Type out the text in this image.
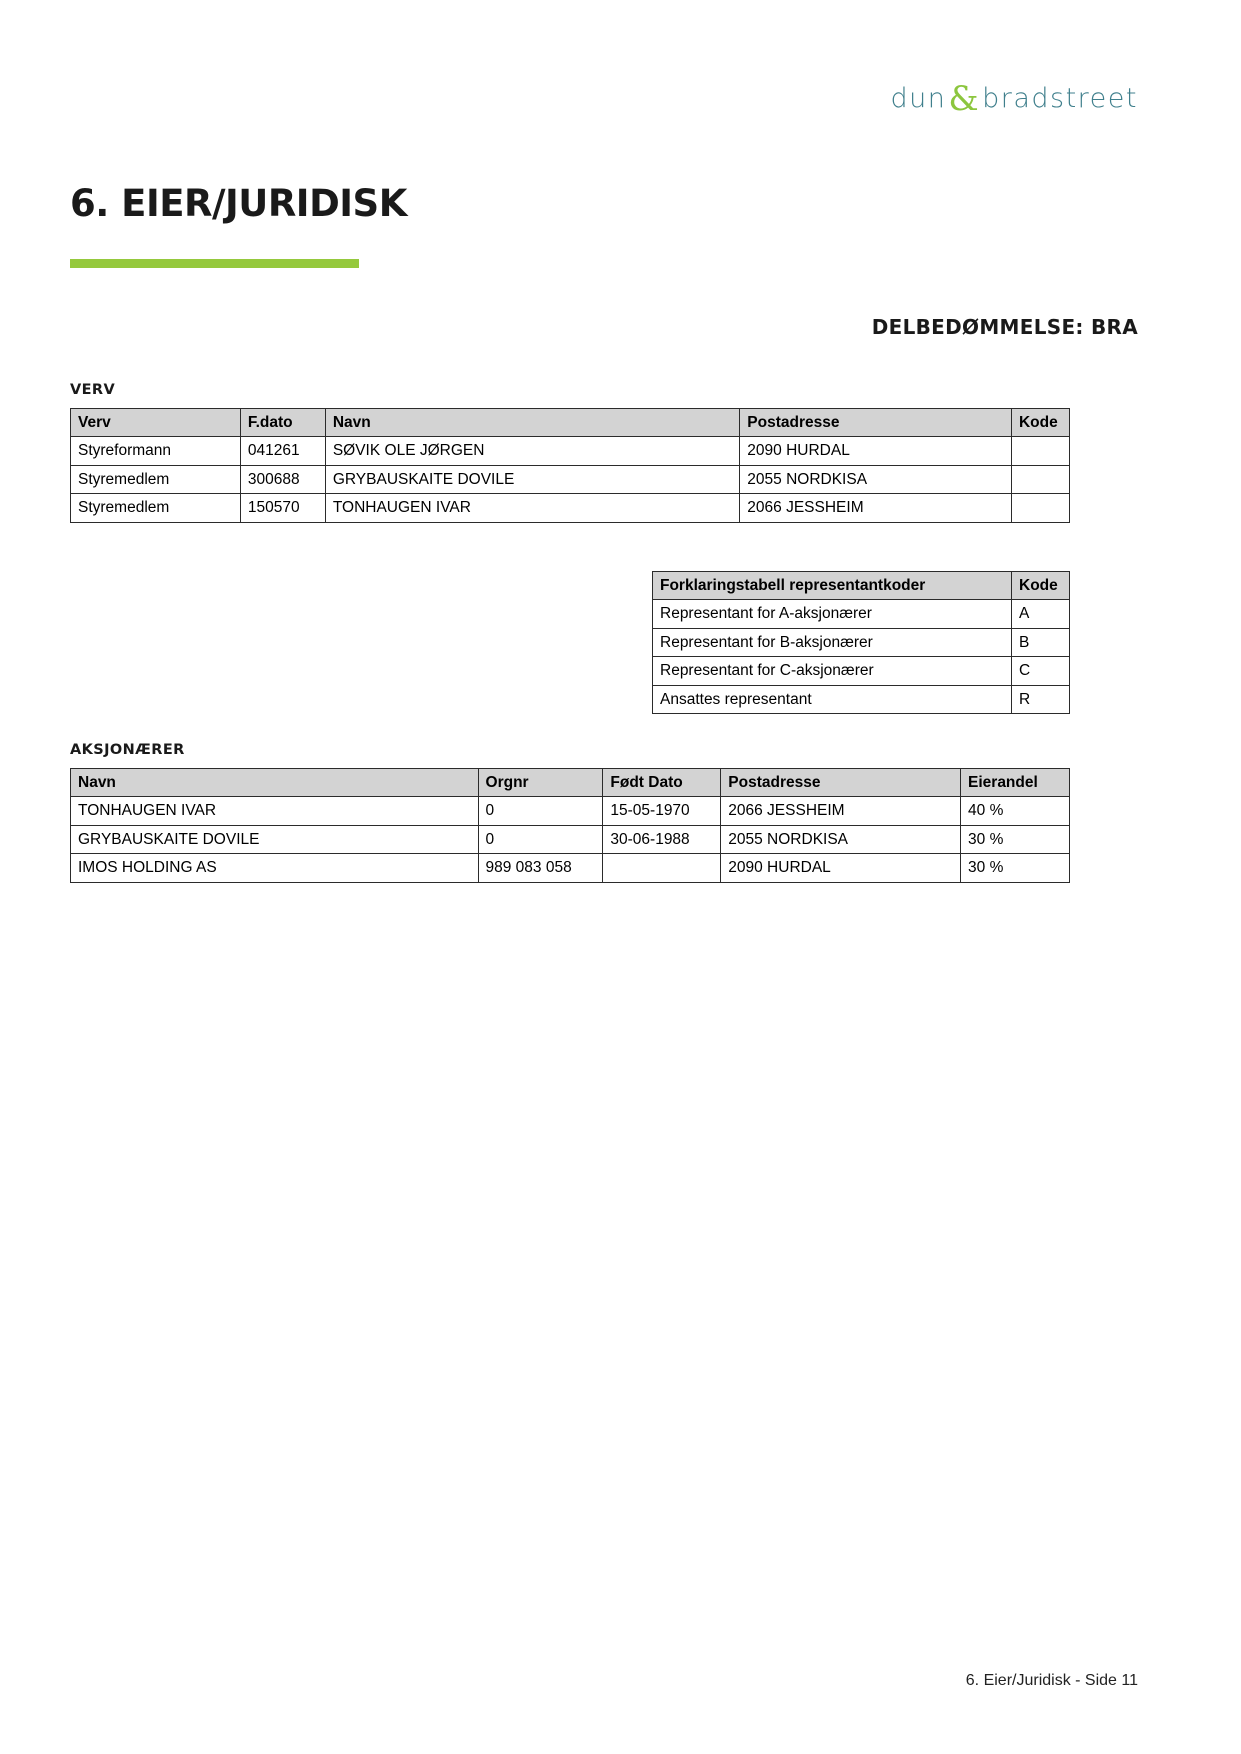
dun & bradstreet
6. EIER/JURIDISK
DELBEDØMMELSE: BRA
VERV
Verv	F.dato	Navn	Postadresse	Kode
Styreformann	041261	SØVIK OLE JØRGEN	2090 HURDAL	
Styremedlem	300688	GRYBAUSKAITE DOVILE	2055 NORDKISA	
Styremedlem	150570	TONHAUGEN IVAR	2066 JESSHEIM	
Forklaringstabell representantkoder	Kode
Representant for A-aksjonærer	A
Representant for B-aksjonærer	B
Representant for C-aksjonærer	C
Ansattes representant	R
AKSJONÆRER
Navn	Orgnr	Født Dato	Postadresse	Eierandel
TONHAUGEN IVAR	0	15-05-1970	2066 JESSHEIM	40 %
GRYBAUSKAITE DOVILE	0	30-06-1988	2055 NORDKISA	30 %
IMOS HOLDING AS	989 083 058		2090 HURDAL	30 %
6. Eier/Juridisk - Side 11
